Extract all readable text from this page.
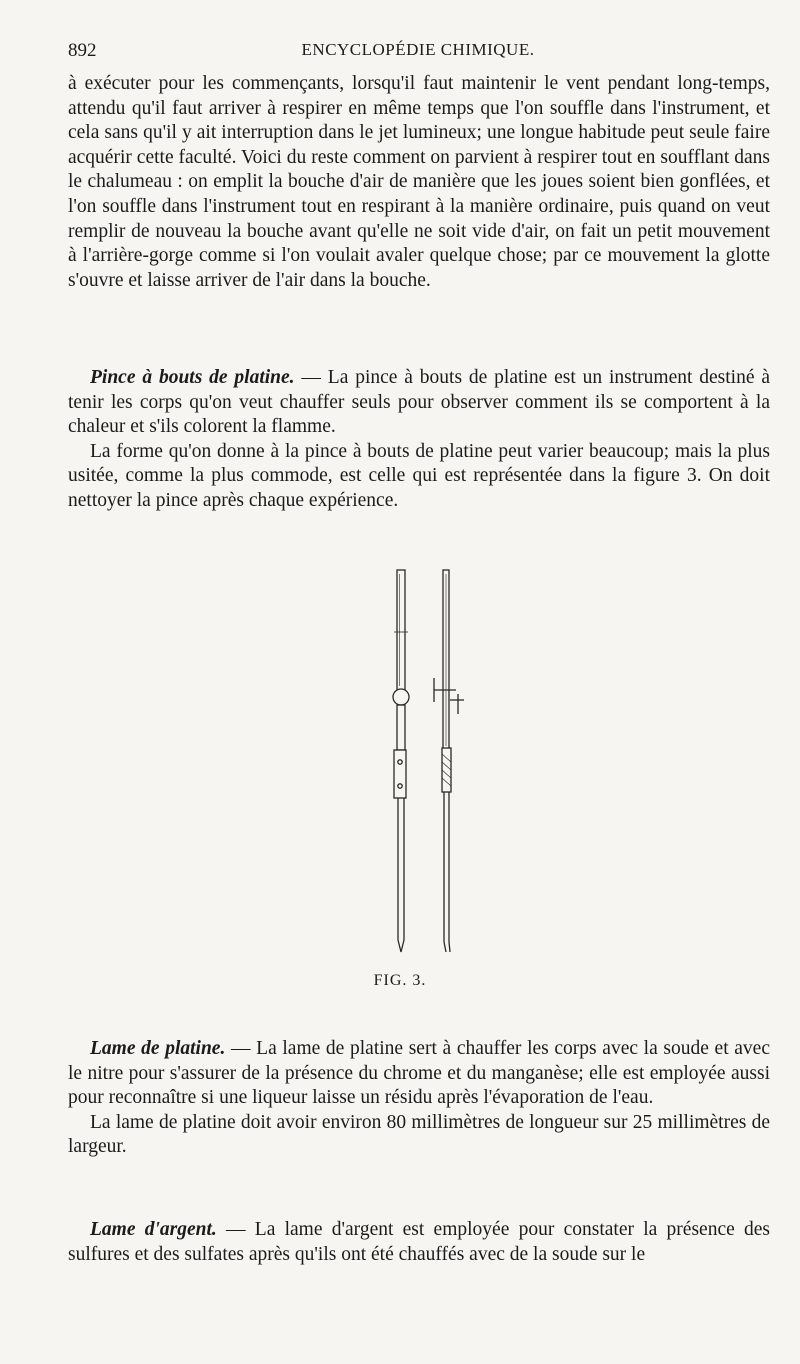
892	ENCYCLOPÉDIE CHIMIQUE.

à exécuter pour les commençants, lorsqu'il faut maintenir le vent pendant long-temps, attendu qu'il faut arriver à respirer en même temps que l'on souffle dans l'instrument, et cela sans qu'il y ait interruption dans le jet lumineux; une longue habitude peut seule faire acquérir cette faculté. Voici du reste comment on parvient à respirer tout en soufflant dans le chalumeau : on emplit la bouche d'air de manière que les joues soient bien gonflées, et l'on souffle dans l'instrument tout en respirant à la manière ordinaire, puis quand on veut remplir de nouveau la bouche avant qu'elle ne soit vide d'air, on fait un petit mouvement à l'arrière-gorge comme si l'on voulait avaler quelque chose; par ce mouvement la glotte s'ouvre et laisse arriver de l'air dans la bouche.

Pince à bouts de platine. — La pince à bouts de platine est un instrument destiné à tenir les corps qu'on veut chauffer seuls pour observer comment ils se comportent à la chaleur et s'ils colorent la flamme.

La forme qu'on donne à la pince à bouts de platine peut varier beaucoup; mais la plus usitée, comme la plus commode, est celle qui est représentée dans la figure 3. On doit nettoyer la pince après chaque expérience.

FIG. 3.

Lame de platine. — La lame de platine sert à chauffer les corps avec la soude et avec le nitre pour s'assurer de la présence du chrome et du manganèse; elle est employée aussi pour reconnaître si une liqueur laisse un résidu après l'évaporation de l'eau.

La lame de platine doit avoir environ 80 millimètres de longueur sur 25 millimètres de largeur.

Lame d'argent. — La lame d'argent est employée pour constater la présence des sulfures et des sulfates après qu'ils ont été chauffés avec de la soude sur le
